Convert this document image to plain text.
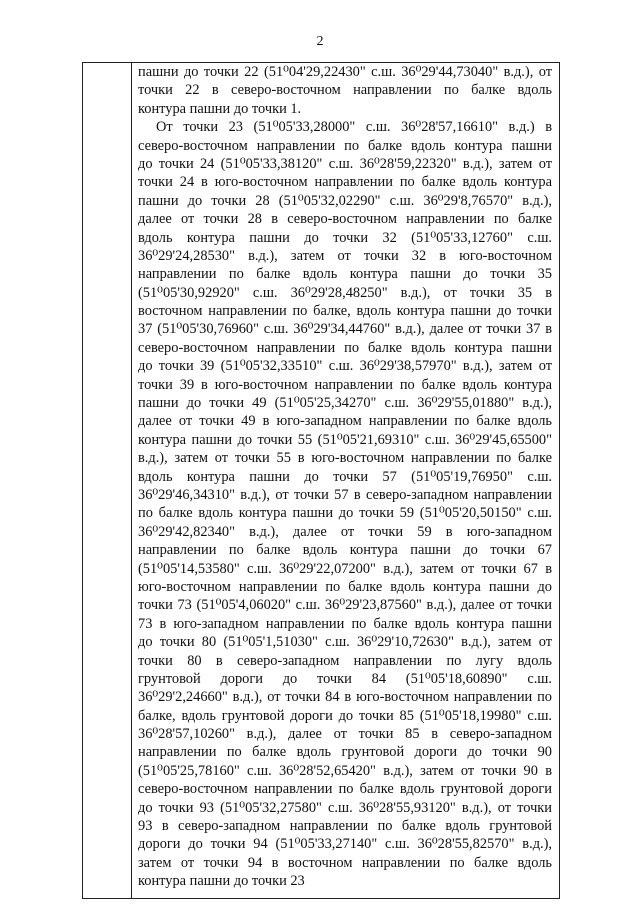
2
пашни до точки 22 (51⁰04'29,22430" с.ш. 36⁰29'44,73040" в.д.), от
точки 22 в северо-восточном направлении по балке вдоль
контура пашни до точки 1.
От точки 23 (51⁰05'33,28000" с.ш. 36⁰28'57,16610" в.д.) в
северо-восточном направлении по балке вдоль контура пашни
до точки 24 (51⁰05'33,38120" с.ш. 36⁰28'59,22320" в.д.), затем от
точки 24 в юго-восточном направлении по балке вдоль контура
пашни до точки 28 (51⁰05'32,02290" с.ш. 36⁰29'8,76570" в.д.),
далее от точки 28 в северо-восточном направлении по балке
вдоль контура пашни до точки 32 (51⁰05'33,12760" с.ш.
36⁰29'24,28530" в.д.), затем от точки 32 в юго-восточном
направлении по балке вдоль контура пашни до точки 35
(51⁰05'30,92920" с.ш. 36⁰29'28,48250" в.д.), от точки 35 в
восточном направлении по балке, вдоль контура пашни до точки
37 (51⁰05'30,76960" с.ш. 36⁰29'34,44760" в.д.), далее от точки 37 в
северо-восточном направлении по балке вдоль контура пашни
до точки 39 (51⁰05'32,33510" с.ш. 36⁰29'38,57970" в.д.), затем от
точки 39 в юго-восточном направлении по балке вдоль контура
пашни до точки 49 (51⁰05'25,34270" с.ш. 36⁰29'55,01880" в.д.),
далее от точки 49 в юго-западном направлении по балке вдоль
контура пашни до точки 55 (51⁰05'21,69310" с.ш. 36⁰29'45,65500"
в.д.), затем от точки 55 в юго-восточном направлении по балке
вдоль контура пашни до точки 57 (51⁰05'19,76950" с.ш.
36⁰29'46,34310" в.д.), от точки 57 в северо-западном направлении
по балке вдоль контура пашни до точки 59 (51⁰05'20,50150" с.ш.
36⁰29'42,82340" в.д.), далее от точки 59 в юго-западном
направлении по балке вдоль контура пашни до точки 67
(51⁰05'14,53580" с.ш. 36⁰29'22,07200" в.д.), затем от точки 67 в
юго-восточном направлении по балке вдоль контура пашни до
точки 73 (51⁰05'4,06020" с.ш. 36⁰29'23,87560" в.д.), далее от точки
73 в юго-западном направлении по балке вдоль контура пашни
до точки 80 (51⁰05'1,51030" с.ш. 36⁰29'10,72630" в.д.), затем от
точки 80 в северо-западном направлении по лугу вдоль
грунтовой дороги до точки 84 (51⁰05'18,60890" с.ш.
36⁰29'2,24660" в.д.), от точки 84 в юго-восточном направлении по
балке, вдоль грунтовой дороги до точки 85 (51⁰05'18,19980" с.ш.
36⁰28'57,10260" в.д.), далее от точки 85 в северо-западном
направлении по балке вдоль грунтовой дороги до точки 90
(51⁰05'25,78160" с.ш. 36⁰28'52,65420" в.д.), затем от точки 90 в
северо-восточном направлении по балке вдоль грунтовой дороги
до точки 93 (51⁰05'32,27580" с.ш. 36⁰28'55,93120" в.д.), от точки
93 в северо-западном направлении по балке вдоль грунтовой
дороги до точки 94 (51⁰05'33,27140" с.ш. 36⁰28'55,82570" в.д.),
затем от точки 94 в восточном направлении по балке вдоль
контура пашни до точки 23
